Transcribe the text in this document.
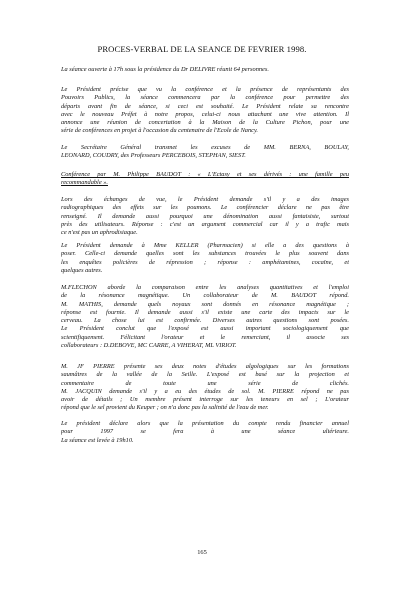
PROCES-VERBAL DE LA SEANCE DE FEVRIER 1998.
La séance ouverte à 17h sous la présidence du Dr DELIVRE réunit 64 personnes.
Le Président précise que vu la conférence et la présence de représentants des
Pouvoirs Publics, la séance commencera par la conférence pour permettre des
départs avant fin de séance, si ceci est souhaité. Le Président relate sa rencontre
avec le nouveau Préfet à notre propos, celui-ci nous attachant une vive attention. Il
annonce une réunion de concertation à la Maison de la Culture Pichon, pour une
série de conférences en projet à l'occasion du centenaire de l'Ecole de Nancy.
Le Secrétaire Général transmet les excuses de MM. BERNA, BOULAY,
LEONARD, COUDRY, des Professeurs PERCEBOIS, STEPHAN, SIEST.
Conférence par M. Philippe BAUDOT : « L'Ectasy et ses dérivés : une famille peu
recommandable ».
Lors des échanges de vue, le Président demande s'il y a des images
radiographiques des effets sur les poumons. Le conférencier déclare ne pas être
renseigné. Il demande aussi pourquoi une dénomination aussi fantaisiste, surtout
près des utilisateurs. Réponse : c'est un argument commercial car il y a trafic mais
ce n'est pas un aphrodisiaque.
Le Président demande à Mme KELLER (Pharmacien) si elle a des questions à
poser. Celle-ci demande quelles sont les substances trouvées le plus souvent dans
les enquêtes policières de répression ; réponse : amphétamines, cocaïne, et
quelques autres.
M.FLECHON aborde la comparaison entre les analyses quantitatives et l'emploi
de la résonance magnétique. Un collaborateur de M. BAUDOT répond.
M. MATHIS, demande quels noyaux sont donnés en résonance magnétique ;
réponse est fournie. Il demande aussi s'il existe une carte des impacts sur le
cerveau. La chose lui est confirmée. Diverses autres questions sont posées.
Le Président conclut que l'exposé est aussi important sociologiquement que
scientifiquement. Félicitant l'orateur et le remerciant, il associe ses
collaborateurs : D.DEBOVE, MC CARRE, A VIHERAT, ML VIRIOT.
M. JF PIERRE présente ses deux notes d'études algologiques sur les formations
saumâtres de la vallée de la Seille. L'exposé est basé sur la projection et
commentaire de toute une série de clichés.
M. JACQUIN demande s'il y a eu des études de sol. M. PIERRE répond ne pas
avoir de détails ; Un membre présent interroge sur les teneurs en sel ; L'orateur
répond que le sel provient du Keuper ; on n'a donc pas la salinité de l'eau de mer.
Le président déclare alors que la présentation du compte rendu financier annuel
pour 1997 se fera à une séance ultérieure.
La séance est levée à 19h10.
165
